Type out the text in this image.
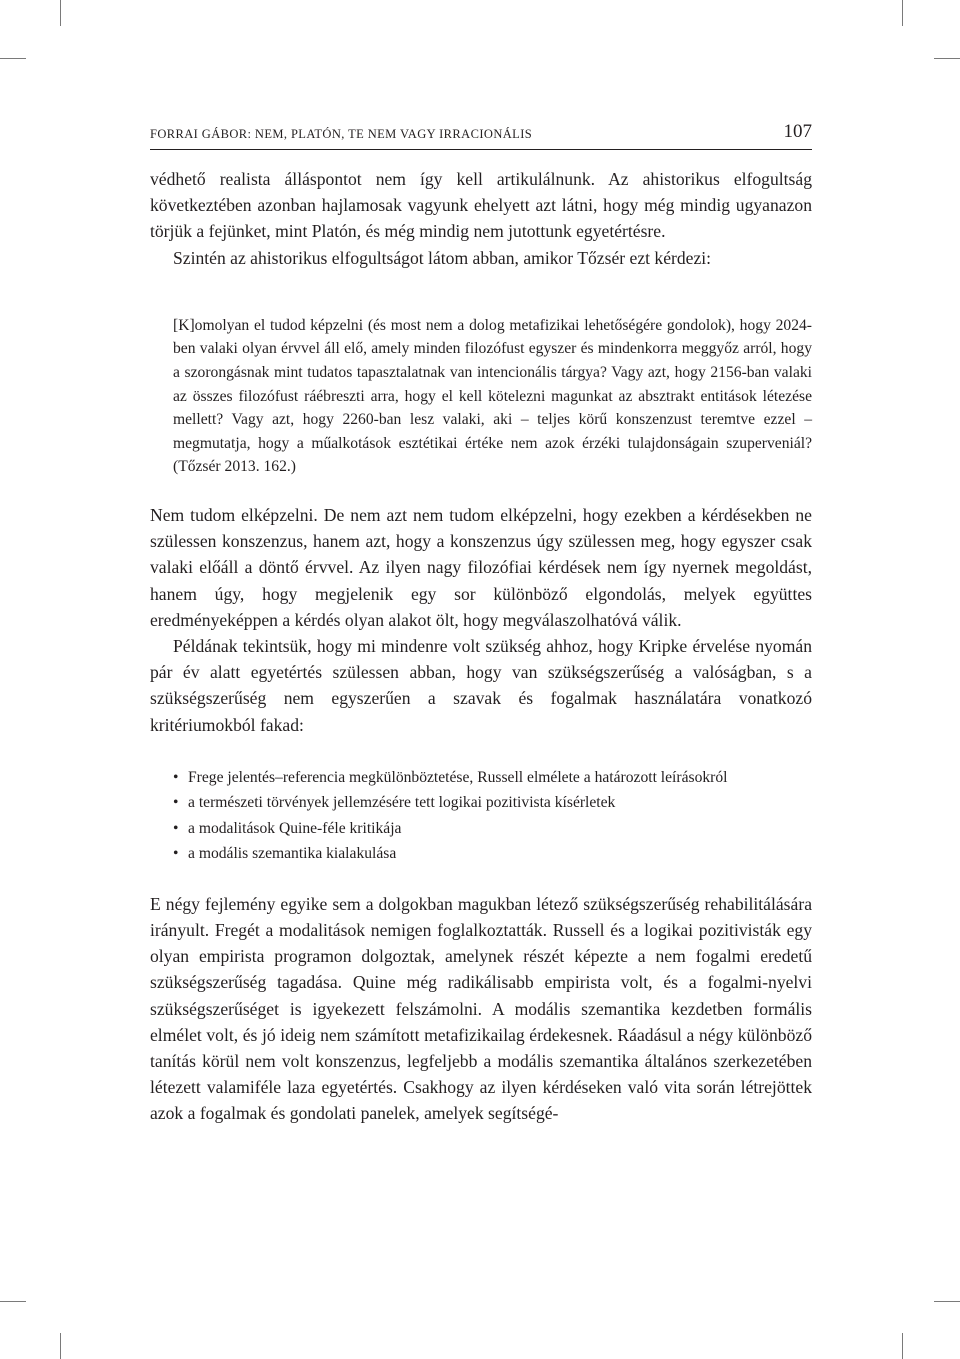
FORRAI GÁBOR: NEM, PLATÓN, TE NEM VAGY IRRACIONÁLIS	107

védhető realista álláspontot nem így kell artikulálnunk. Az ahistorikus elfogultság következtében azonban hajlamosak vagyunk ehelyett azt látni, hogy még mindig ugyanazon törjük a fejünket, mint Platón, és még mindig nem jutottunk egyetértésre.

Szintén az ahistorikus elfogultságot látom abban, amikor Tőzsér ezt kérdezi:

[K]omolyan el tudod képzelni (és most nem a dolog metafizikai lehetőségére gondolok), hogy 2024-ben valaki olyan érvvel áll elő, amely minden filozófust egyszer és mindenkorra meggyőz arról, hogy a szorongásnak mint tudatos tapasztalatnak van intencionális tárgya? Vagy azt, hogy 2156-ban valaki az összes filozófust ráébreszti arra, hogy el kell kötelezni magunkat az absztrakt entitások létezése mellett? Vagy azt, hogy 2260-ban lesz valaki, aki – teljes körű konszenzust teremtve ezzel – megmutatja, hogy a műalkotások esztétikai értéke nem azok érzéki tulajdonságain szuperveniál? (Tőzsér 2013. 162.)

Nem tudom elképzelni. De nem azt nem tudom elképzelni, hogy ezekben a kérdésekben ne szülessen konszenzus, hanem azt, hogy a konszenzus úgy szülessen meg, hogy egyszer csak valaki előáll a döntő érvvel. Az ilyen nagy filozófiai kérdések nem így nyernek megoldást, hanem úgy, hogy megjelenik egy sor különböző elgondolás, melyek együttes eredményeképpen a kérdés olyan alakot ölt, hogy megválaszolhatóvá válik.

Példának tekintsük, hogy mi mindenre volt szükség ahhoz, hogy Kripke érvelése nyomán pár év alatt egyetértés szülessen abban, hogy van szükségszerűség a valóságban, s a szükségszerűség nem egyszerűen a szavak és fogalmak használatára vonatkozó kritériumokból fakad:

• Frege jelentés–referencia megkülönböztetése, Russell elmélete a határozott leírásokról
• a természeti törvények jellemzésére tett logikai pozitivista kísérletek
• a modalitások Quine-féle kritikája
• a modális szemantika kialakulása

E négy fejlemény egyike sem a dolgokban magukban létező szükségszerűség rehabilitálására irányult. Fregét a modalitások nemigen foglalkoztatták. Russell és a logikai pozitivisták egy olyan empirista programon dolgoztak, amelynek részét képezte a nem fogalmi eredetű szükségszerűség tagadása. Quine még radikálisabb empirista volt, és a fogalmi-nyelvi szükségszerűséget is igyekezett felszámolni. A modális szemantika kezdetben formális elmélet volt, és jó ideig nem számított metafizikailag érdekesnek. Ráadásul a négy különböző tanítás körül nem volt konszenzus, legfeljebb a modális szemantika általános szerkezetében létezett valamiféle laza egyetértés. Csakhogy az ilyen kérdéseken való vita során létrejöttek azok a fogalmak és gondolati panelek, amelyek segítségé-
